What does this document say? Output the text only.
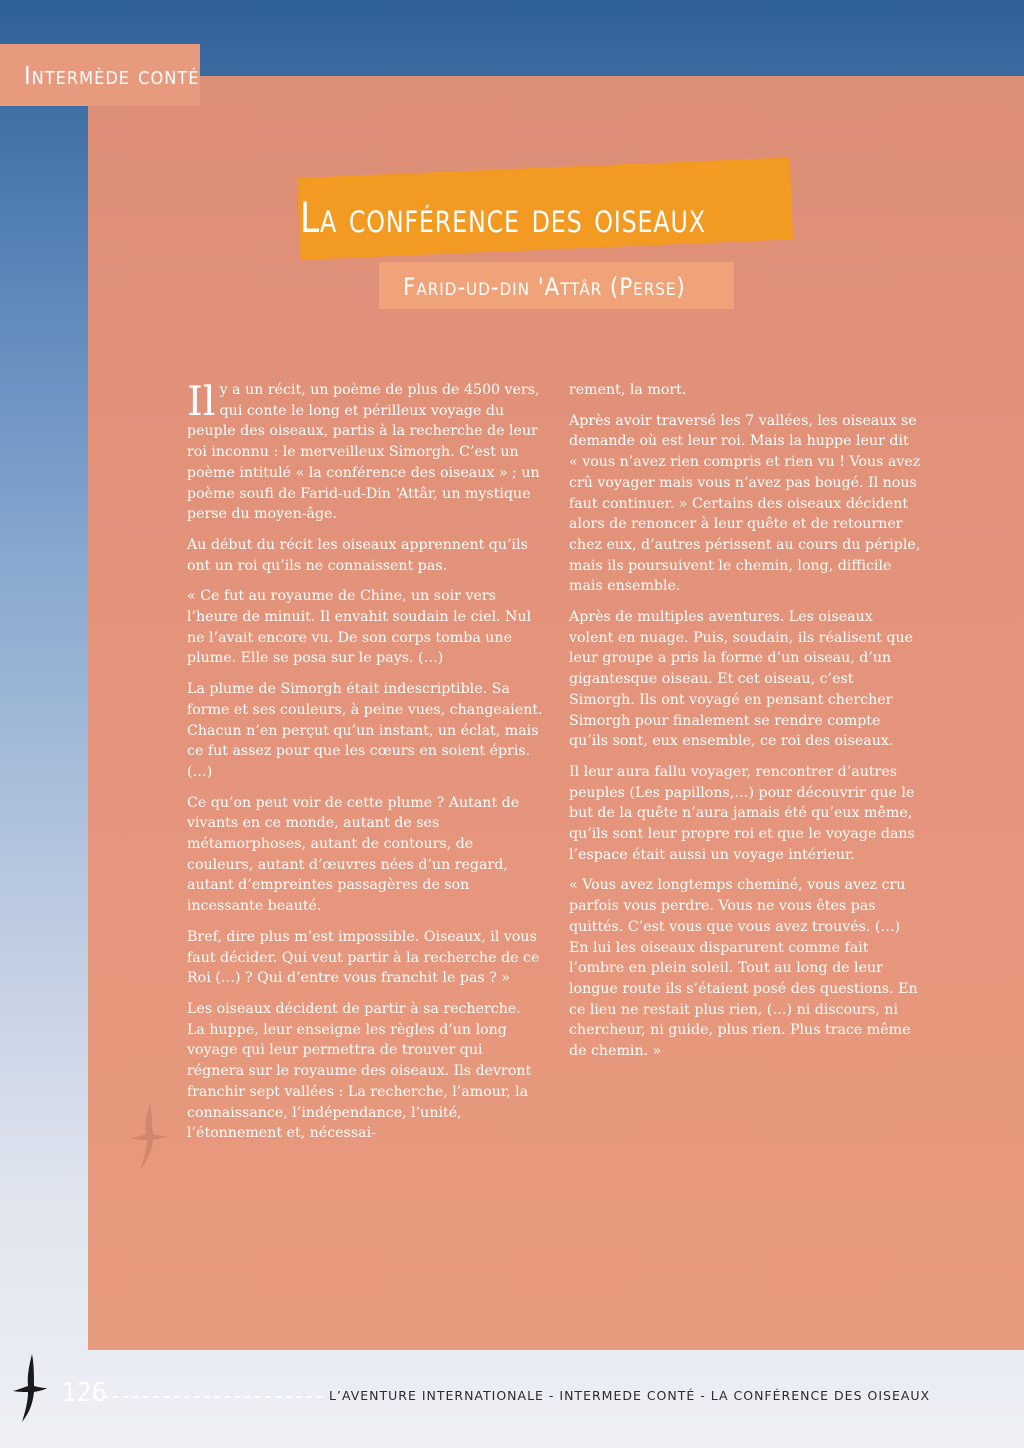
Intermède conté
La conférence des oiseaux
Farid-ud-din 'Attâr (Perse)

Il y a un récit, un poème de plus de 4500 vers, qui conte le long et périlleux voyage du peuple des oiseaux, partis à la recherche de leur roi inconnu : le merveilleux Simorgh. C’est un poème intitulé « la conférence des oiseaux » ; un poème soufi de Farid-ud-Din ‘Attâr, un mystique perse du moyen-âge.

Au début du récit les oiseaux apprennent qu’ils ont un roi qu’ils ne connaissent pas.

« Ce fut au royaume de Chine, un soir vers l’heure de minuit. Il envahit soudain le ciel. Nul ne l’avait encore vu. De son corps tomba une plume. Elle se posa sur le pays. (…)

La plume de Simorgh était indescriptible. Sa forme et ses couleurs, à peine vues, changeaient. Chacun n’en perçut qu’un instant, un éclat, mais ce fut assez pour que les cœurs en soient épris. (…)

Ce qu’on peut voir de cette plume ? Autant de vivants en ce monde, autant de ses métamorphoses, autant de contours, de couleurs, autant d’œuvres nées d’un regard, autant d’empreintes passagères de son incessante beauté.

Bref, dire plus m’est impossible. Oiseaux, il vous faut décider. Qui veut partir à la recherche de ce Roi (…) ? Qui d’entre vous franchit le pas ? »

Les oiseaux décident de partir à sa recherche. La huppe, leur enseigne les règles d’un long voyage qui leur permettra de trouver qui régnera sur le royaume des oiseaux. Ils devront franchir sept vallées : La recherche, l’amour, la connaissance, l’indépendance, l’unité, l’étonnement et, nécessai-

rement, la mort.

Après avoir traversé les 7 vallées, les oiseaux se demande où est leur roi. Mais la huppe leur dit « vous n’avez rien compris et rien vu ! Vous avez crû voyager mais vous n’avez pas bougé. Il nous faut continuer. » Certains des oiseaux décident alors de renoncer à leur quête et de retourner chez eux, d’autres périssent au cours du périple, mais ils poursuivent le chemin, long, difficile mais ensemble.

Après de multiples aventures. Les oiseaux volent en nuage. Puis, soudain, ils réalisent que leur groupe a pris la forme d’un oiseau, d’un gigantesque oiseau. Et cet oiseau, c’est Simorgh. Ils ont voyagé en pensant chercher Simorgh pour finalement se rendre compte qu’ils sont, eux ensemble, ce roi des oiseaux.

Il leur aura fallu voyager, rencontrer d’autres peuples (Les papillons,…) pour découvrir que le but de la quête n’aura jamais été qu’eux même, qu’ils sont leur propre roi et que le voyage dans l’espace était aussi un voyage intérieur.

« Vous avez longtemps cheminé, vous avez cru parfois vous perdre. Vous ne vous êtes pas quittés. C’est vous que vous avez trouvés. (…) En lui les oiseaux disparurent comme fait l’ombre en plein soleil. Tout au long de leur longue route ils s’étaient posé des questions. En ce lieu ne restait plus rien, (…) ni discours, ni chercheur, ni guide, plus rien. Plus trace même de chemin. »

126	L’AVENTURE INTERNATIONALE - INTERMEDE CONTÉ - LA CONFÉRENCE DES OISEAUX
